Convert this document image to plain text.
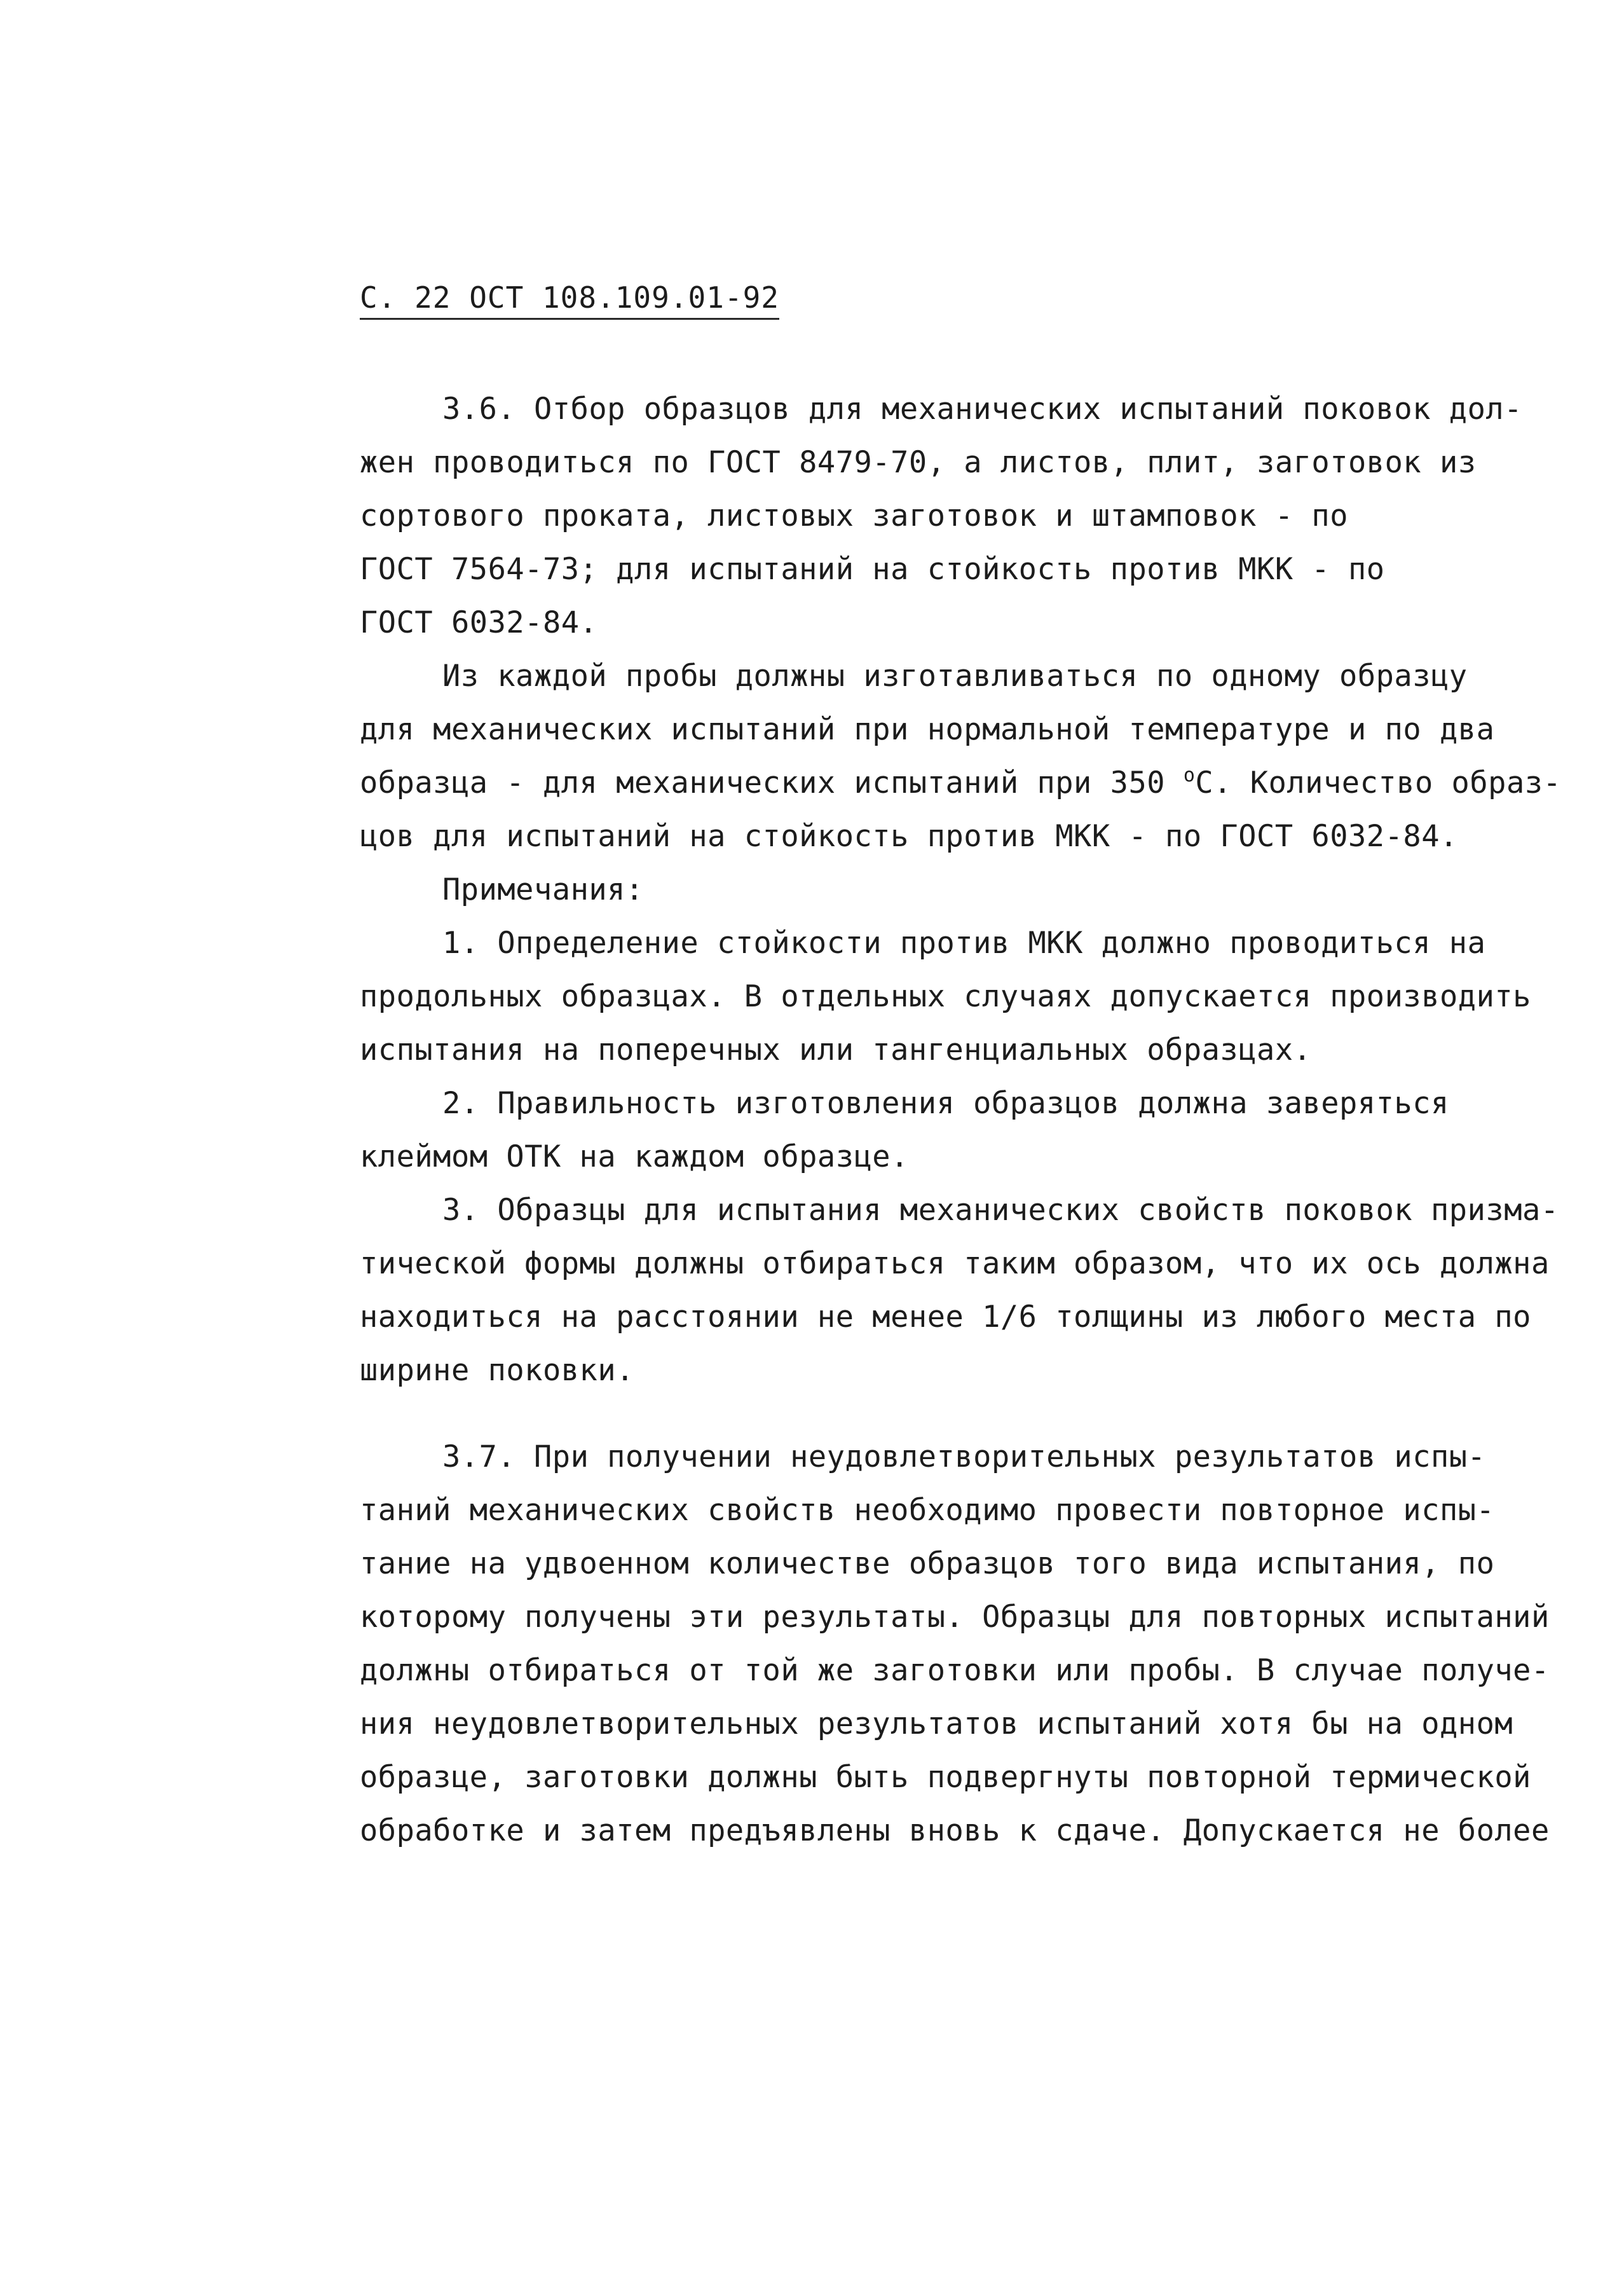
С. 22 ОСТ 108.109.01-92
3.6. Отбор образцов для механических испытаний поковок дол-
жен проводиться по ГОСТ 8479-70, а листов, плит, заготовок из
сортового проката, листовых заготовок и штамповок - по
ГОСТ 7564-73; для испытаний на стойкость против МКК - по
ГОСТ 6032-84.
Из каждой пробы должны изготавливаться по одному образцу
для механических испытаний при нормальной температуре и по два
образца - для механических испытаний при 350 $^о$С. Количество образ-
цов для испытаний на стойкость против МКК - по ГОСТ 6032-84.
Примечания:
1. Определение стойкости против МКК должно проводиться на
продольных образцах. В отдельных случаях допускается производить
испытания на поперечных или тангенциальных образцах.
2. Правильность изготовления образцов должна заверяться
клеймом ОТК на каждом образце.
3. Образцы для испытания механических свойств поковок призма-
тической формы должны отбираться таким образом, что их ось должна
находиться на расстоянии не менее 1/6 толщины из любого места по
ширине поковки.
3.7. При получении неудовлетворительных результатов испы-
таний механических свойств необходимо провести повторное испы-
тание на удвоенном количестве образцов того вида испытания, по
которому получены эти результаты. Образцы для повторных испытаний
должны отбираться от той же заготовки или пробы. В случае получе-
ния неудовлетворительных результатов испытаний хотя бы на одном
образце, заготовки должны быть подвергнуты повторной термической
обработке и затем предъявлены вновь к сдаче. Допускается не более
